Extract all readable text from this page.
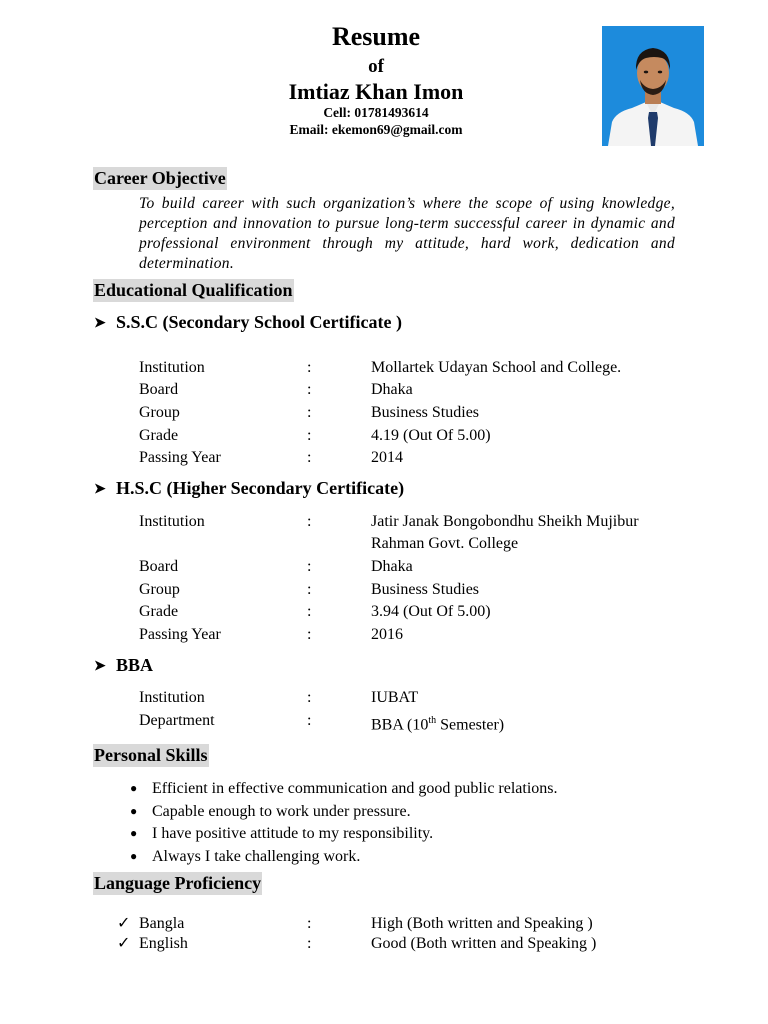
Resume
of
Imtiaz Khan Imon
Cell: 01781493614
Email: ekemon69@gmail.com
Career Objective
To build career with such organization’s where the scope of using knowledge, perception and innovation to pursue long-term successful career in dynamic and professional environment through my attitude, hard work, dedication and determination.
Educational Qualification
➤ S.S.C (Secondary School Certificate )
Institution	:	Mollartek Udayan School and College.
Board	:	Dhaka
Group	:	Business Studies
Grade	:	4.19 (Out Of 5.00)
Passing Year	:	2014
➤ H.S.C (Higher Secondary Certificate)
Institution	:	Jatir Janak Bongobondhu Sheikh Mujibur
Rahman Govt. College
Board	:	Dhaka
Group	:	Business Studies
Grade	:	3.94 (Out Of 5.00)
Passing Year	:	2016
➤ BBA
Institution	:	IUBAT
Department	:	BBA (10th Semester)
Personal Skills
● Efficient in effective communication and good public relations.
● Capable enough to work under pressure.
● I have positive attitude to my responsibility.
● Always I take challenging work.
Language Proficiency
✓ Bangla	:	High (Both written and Speaking )
✓ English	:	Good (Both written and Speaking )
